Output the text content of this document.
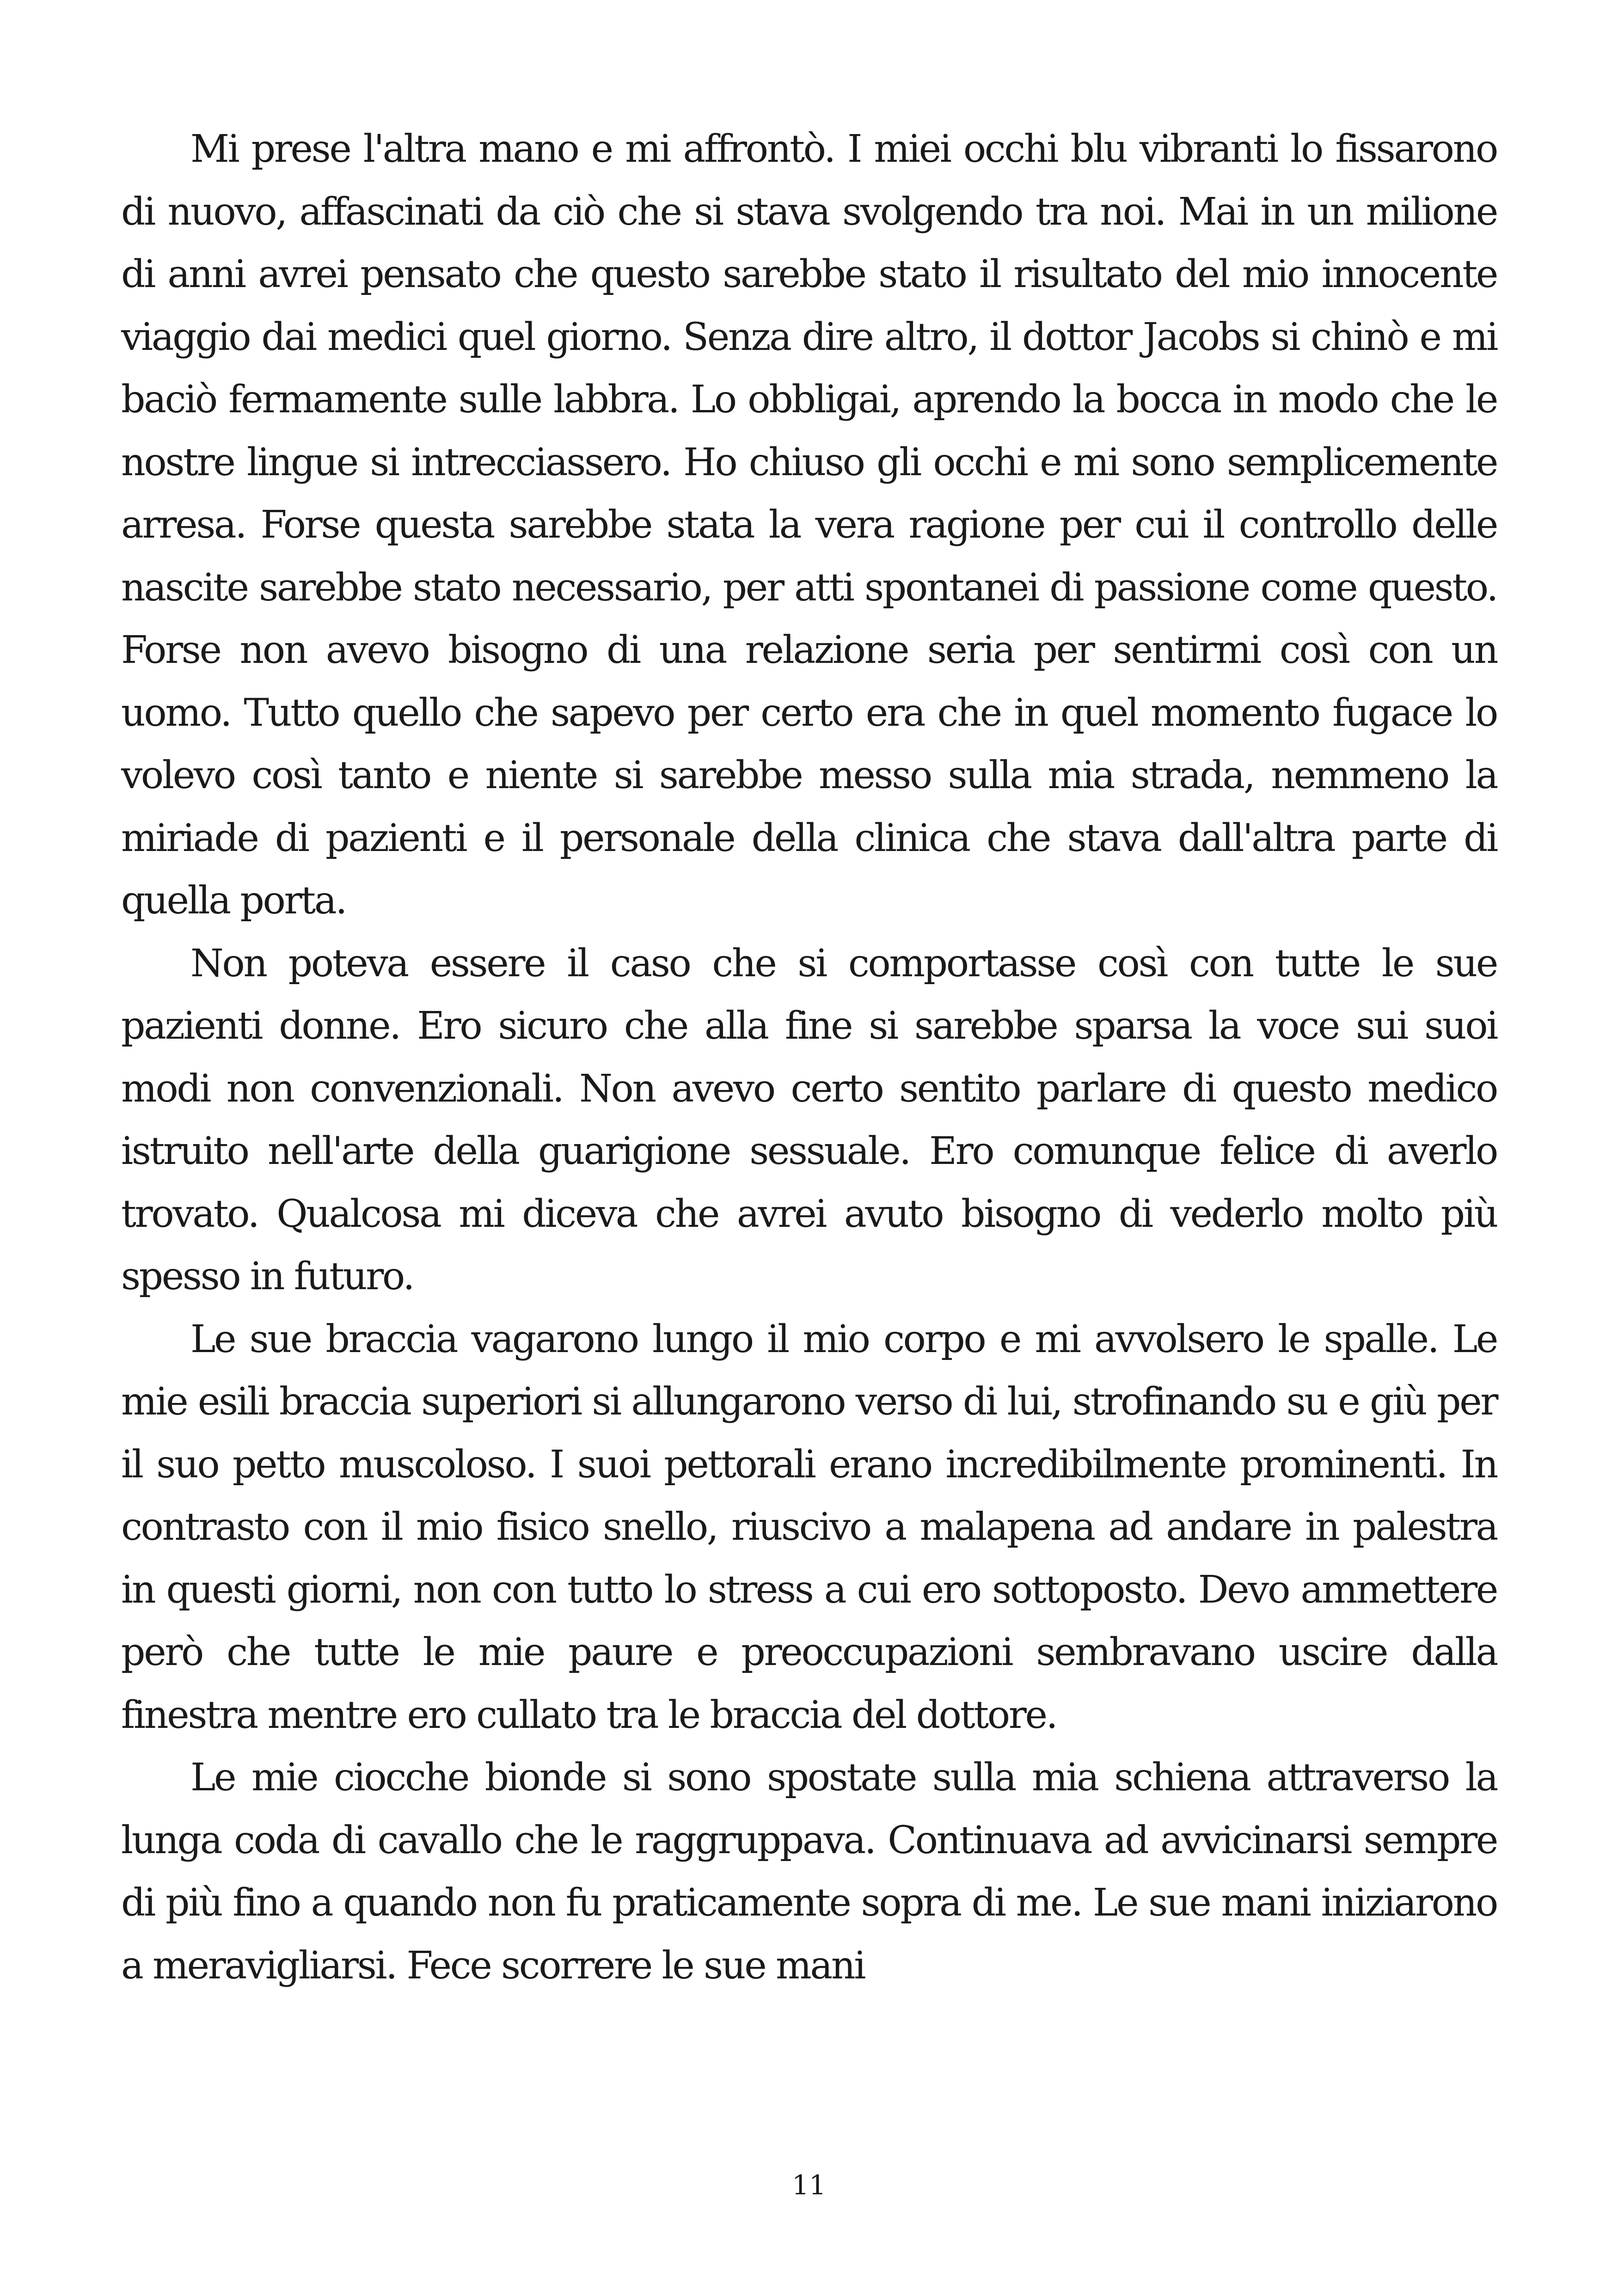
Mi prese l'altra mano e mi affrontò. I miei occhi blu vibranti lo fissarono di nuovo, affascinati da ciò che si stava svolgendo tra noi. Mai in un milione di anni avrei pensato che questo sarebbe stato il risultato del mio innocente viaggio dai medici quel giorno. Senza dire altro, il dottor Jacobs si chinò e mi baciò fermamente sulle labbra. Lo obbligai, aprendo la bocca in modo che le nostre lingue si intrecciassero. Ho chiuso gli occhi e mi sono semplicemente arresa. Forse questa sarebbe stata la vera ragione per cui il controllo delle nascite sarebbe stato necessario, per atti spontanei di passione come questo. Forse non avevo bisogno di una relazione seria per sentirmi così con un uomo. Tutto quello che sapevo per certo era che in quel momento fugace lo volevo così tanto e niente si sarebbe messo sulla mia strada, nemmeno la miriade di pazienti e il personale della clinica che stava dall'altra parte di quella porta.

Non poteva essere il caso che si comportasse così con tutte le sue pazienti donne. Ero sicuro che alla fine si sarebbe sparsa la voce sui suoi modi non convenzionali. Non avevo certo sentito parlare di questo medico istruito nell'arte della guarigione sessuale. Ero comunque felice di averlo trovato. Qualcosa mi diceva che avrei avuto bisogno di vederlo molto più spesso in futuro.

Le sue braccia vagarono lungo il mio corpo e mi avvolsero le spalle. Le mie esili braccia superiori si allungarono verso di lui, strofinando su e giù per il suo petto muscoloso. I suoi pettorali erano incredibilmente prominenti. In contrasto con il mio fisico snello, riuscivo a malapena ad andare in palestra in questi giorni, non con tutto lo stress a cui ero sottoposto. Devo ammettere però che tutte le mie paure e preoccupazioni sembravano uscire dalla finestra mentre ero cullato tra le braccia del dottore.

Le mie ciocche bionde si sono spostate sulla mia schiena attraverso la lunga coda di cavallo che le raggruppava. Continuava ad avvicinarsi sempre di più fino a quando non fu praticamente sopra di me. Le sue mani iniziarono a meravigliarsi. Fece scorrere le sue mani

11
